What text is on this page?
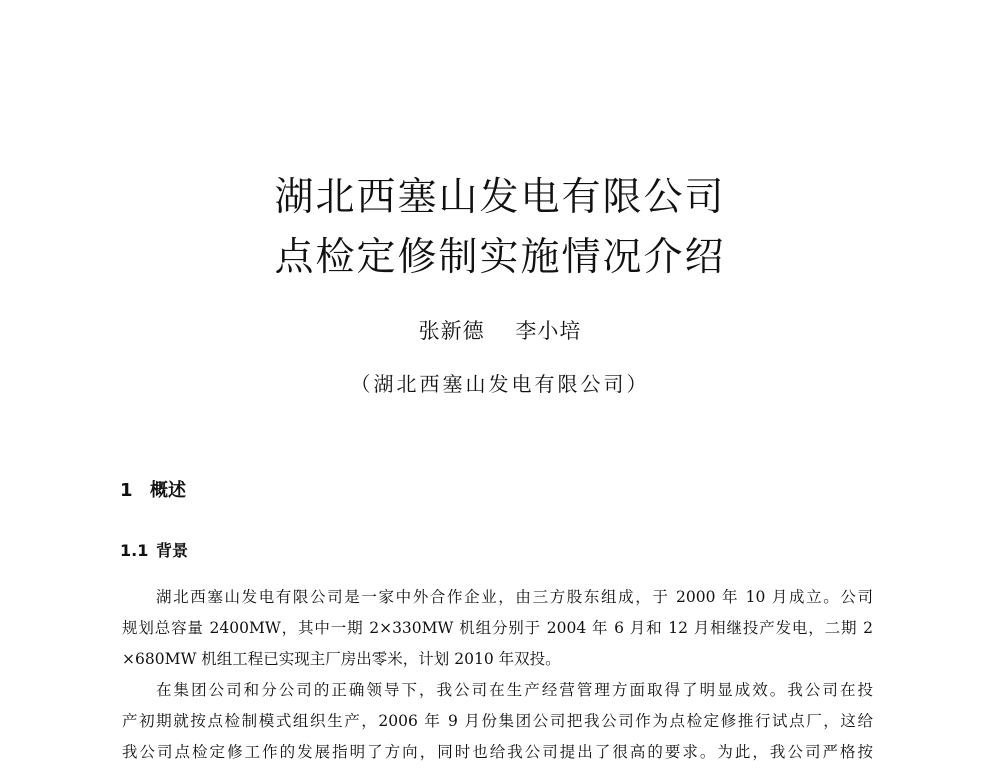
湖北西塞山发电有限公司
点检定修制实施情况介绍
张新德    李小培
（湖北西塞山发电有限公司）
1 概述
1.1 背景
湖北西塞山发电有限公司是一家中外合作企业，由三方股东组成，于 2000 年 10 月成立。公司
规划总容量 2400MW，其中一期 2×330MW 机组分别于 2004 年 6 月和 12 月相继投产发电，二期 2
×680MW 机组工程已实现主厂房出零米，计划 2010 年双投。
在集团公司和分公司的正确领导下，我公司在生产经营管理方面取得了明显成效。我公司在投
产初期就按点检制模式组织生产，2006 年 9 月份集团公司把我公司作为点检定修推行试点厂，这给
我公司点检定修工作的发展指明了方向，同时也给我公司提出了很高的要求。为此，我公司严格按
